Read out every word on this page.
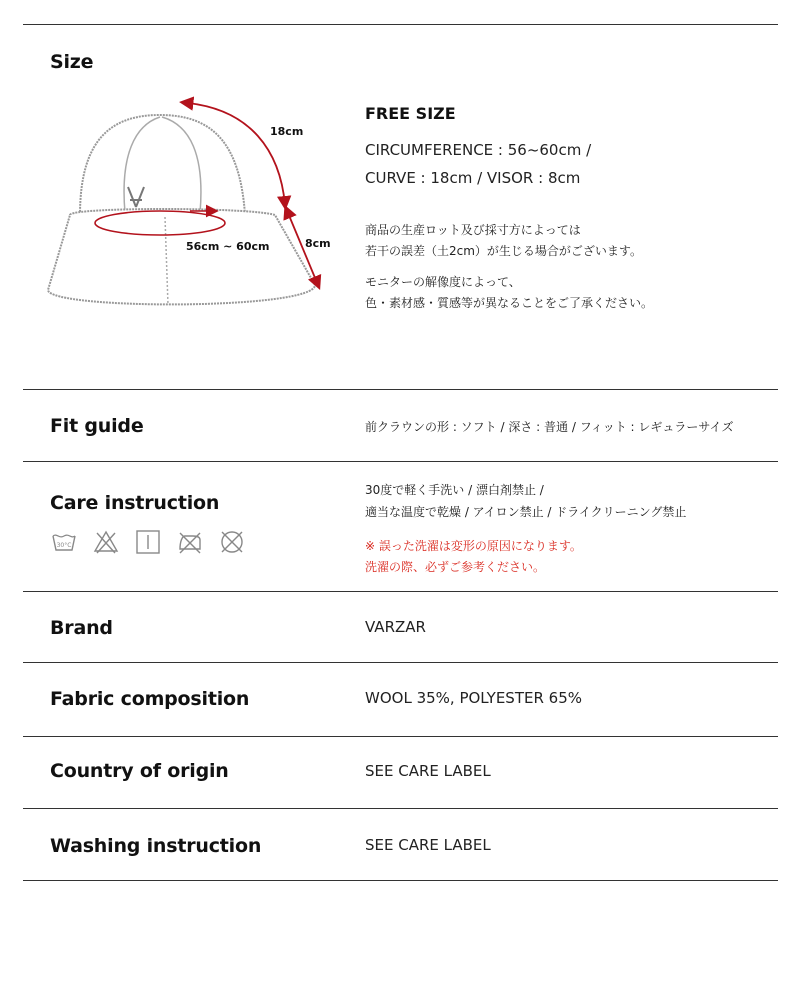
Size
18cm
8cm
56cm ~ 60cm
FREE SIZE
CIRCUMFERENCE : 56~60cm /
CURVE : 18cm / VISOR : 8cm
商品の生産ロット及び採寸方によっては
若干の誤差（土2cm）が生じる場合がございます。
モニターの解像度によって、
色・素材感・質感等が異なることをご了承ください。
Fit guide	前クラウンの形 : ソフト / 深さ : 普通 / フィット : レギュラーサイズ
Care instruction
30°C
30度で軽く手洗い / 漂白剤禁止 /
適当な温度で乾燥 / アイロン禁止 / ドライクリーニング禁止
※ 誤った洗濯は変形の原因になります。
洗濯の際、必ずご参考ください。
Brand	VARZAR
Fabric composition	WOOL 35%, POLYESTER 65%
Country of origin	SEE CARE LABEL
Washing instruction	SEE CARE LABEL
